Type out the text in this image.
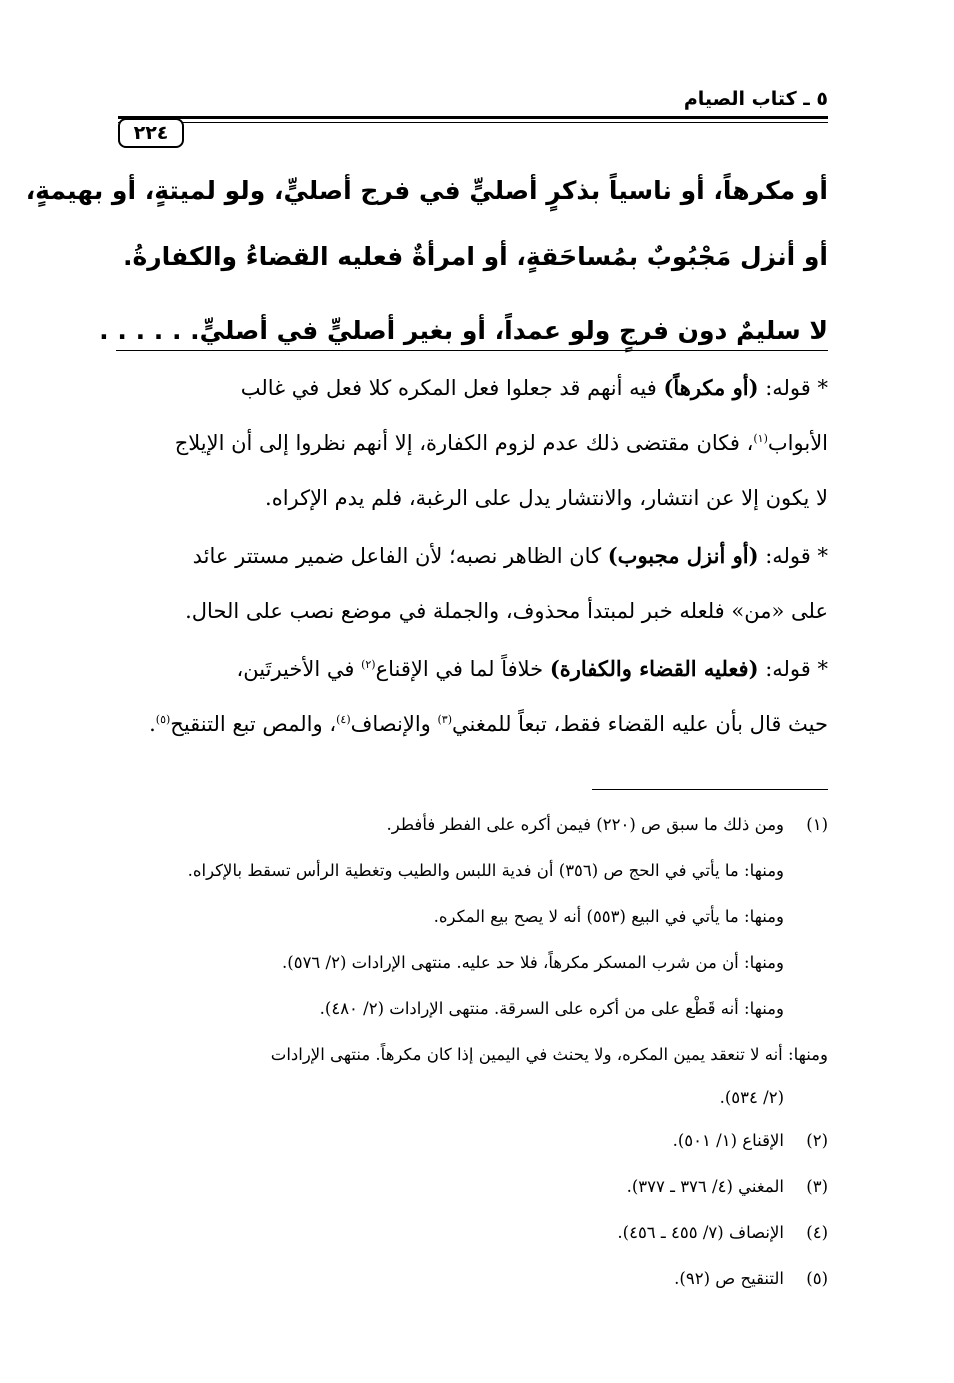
٥ ـ كتاب الصيام
٢٢٤

أو مكرهاً، أو ناسياً بذكرٍ أصليٍّ في فرج أصليٍّ، ولو لميتةٍ، أو بهيمةٍ،

أو أنزل مَجْبُوبٌ بمُساحَقةٍ، أو امرأةٌ فعليه القضاءُ والكفارةُ.

لا سليمٌ دون فرجٍ ولو عمداً، أو بغير أصليٍّ في أصليٍّ. . . . . .

* قوله: (أو مكرهاً) فيه أنهم قد جعلوا فعل المكره كلا فعل في غالب

الأبواب$^{(١)}$، فكان مقتضى ذلك عدم لزوم الكفارة، إلا أنهم نظروا إلى أن الإيلاج

لا يكون إلا عن انتشار، والانتشار يدل على الرغبة، فلم يدم الإكراه.

* قوله: (أو أنزل مجبوب) كان الظاهر نصبه؛ لأن الفاعل ضمير مستتر عائد

على «من» فلعله خبر لمبتدأ محذوف، والجملة في موضع نصب على الحال.

* قوله: (فعليه القضاء والكفارة) خلافاً لما في الإقناع$^{(٢)}$ في الأخيرتَين،

حيث قال بأن عليه القضاء فقط، تبعاً للمغني$^{(٣)}$ والإنصاف$^{(٤)}$، والمص تبع التنقيح$^{(٥)}$.

(١)ومن ذلك ما سبق ص (٢٢٠) فيمن أكره على الفطر فأفطر.

ومنها: ما يأتي في الحج ص (٣٥٦) أن فدية اللبس والطيب وتغطية الرأس تسقط بالإكراه.

ومنها: ما يأتي في البيع (٥٥٣) أنه لا يصح بيع المكره.

ومنها: أن من شرب المسكر مكرهاً، فلا حد عليه. منتهى الإرادات (٢/ ٥٧٦).

ومنها: أنه قَطْع على من أكره على السرقة. منتهى الإرادات (٢/ ٤٨٠).

ومنها: أنه لا تنعقد يمين المكره، ولا يحنث في اليمين إذا كان مكرهاً. منتهى الإرادات

(٢/ ٥٣٤).

(٢)الإقناع (١/ ٥٠١).

(٣)المغني (٤/ ٣٧٦ ـ ٣٧٧).

(٤)الإنصاف (٧/ ٤٥٥ ـ ٤٥٦).

(٥)التنقيح ص (٩٢).
